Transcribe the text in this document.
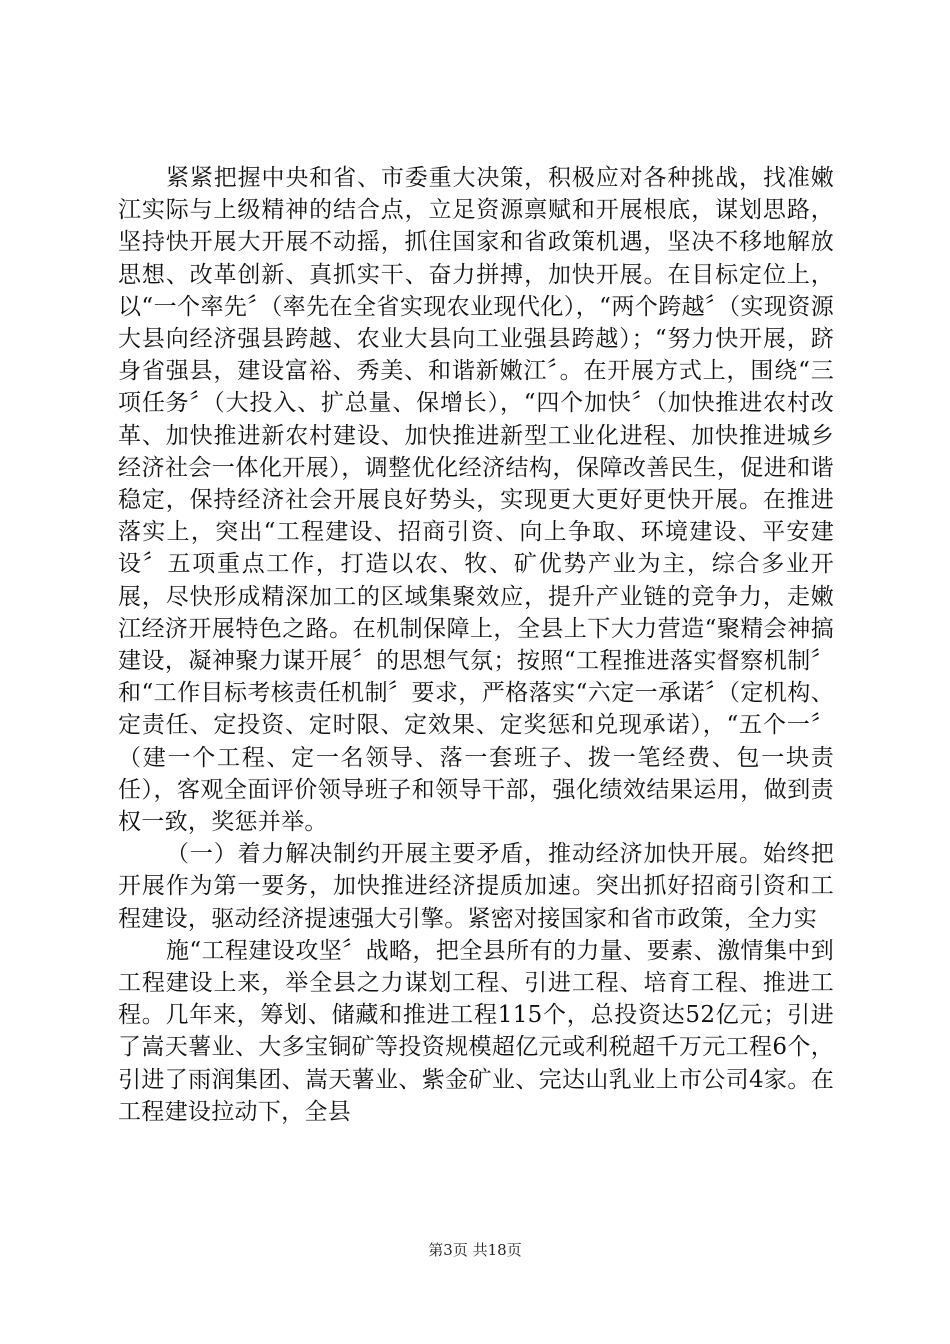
紧紧把握中央和省、市委重大决策，积极应对各种挑战，找准嫩江实际与上级精神的结合点，立足资源禀赋和开展根底，谋划思路，坚持快开展大开展不动摇，抓住国家和省政策机遇，坚决不移地解放思想、改革创新、真抓实干、奋力拼搏，加快开展。在目标定位上，以“一个率先〞（率先在全省实现农业现代化），“两个跨越〞（实现资源大县向经济强县跨越、农业大县向工业强县跨越）；“努力快开展，跻身省强县，建设富裕、秀美、和谐新嫩江〞。在开展方式上，围绕“三项任务〞（大投入、扩总量、保增长），“四个加快〞（加快推进农村改革、加快推进新农村建设、加快推进新型工业化进程、加快推进城乡经济社会一体化开展），调整优化经济结构，保障改善民生，促进和谐稳定，保持经济社会开展良好势头，实现更大更好更快开展。在推进落实上，突出“工程建设、招商引资、向上争取、环境建设、平安建设〞五项重点工作，打造以农、牧、矿优势产业为主，综合多业开展，尽快形成精深加工的区域集聚效应，提升产业链的竞争力，走嫩江经济开展特色之路。在机制保障上，全县上下大力营造“聚精会神搞建设，凝神聚力谋开展〞的思想气氛；按照“工程推进落实督察机制〞和“工作目标考核责任机制〞要求，严格落实“六定一承诺〞（定机构、定责任、定投资、定时限、定效果、定奖惩和兑现承诺），“五个一〞（建一个工程、定一名领导、落一套班子、拨一笔经费、包一块责任），客观全面评价领导班子和领导干部，强化绩效结果运用，做到责权一致，奖惩并举。

（一）着力解决制约开展主要矛盾，推动经济加快开展。始终把开展作为第一要务，加快推进经济提质加速。突出抓好招商引资和工程建设，驱动经济提速强大引擎。紧密对接国家和省市政策，全力实

施“工程建设攻坚〞战略，把全县所有的力量、要素、激情集中到工程建设上来，举全县之力谋划工程、引进工程、培育工程、推进工程。几年来，筹划、储藏和推进工程115个，总投资达52亿元；引进了嵩天薯业、大多宝铜矿等投资规模超亿元或利税超千万元工程6个，引进了雨润集团、嵩天薯业、紫金矿业、完达山乳业上市公司4家。在工程建设拉动下，全县

第3页 共18页
